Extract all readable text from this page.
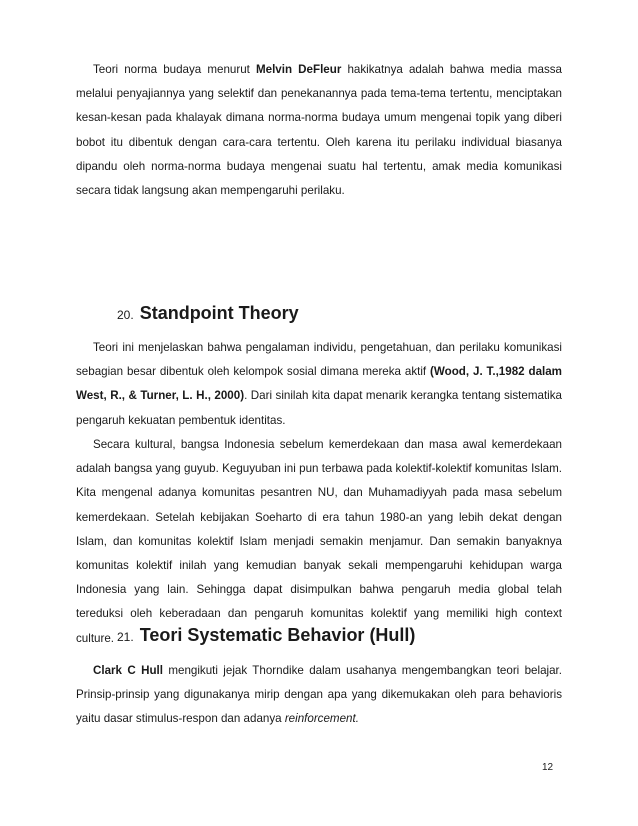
Teori norma budaya menurut Melvin DeFleur hakikatnya adalah bahwa media massa melalui penyajiannya yang selektif dan penekanannya pada tema-tema tertentu, menciptakan kesan-kesan pada khalayak dimana norma-norma budaya umum mengenai topik yang diberi bobot itu dibentuk dengan cara-cara tertentu. Oleh karena itu perilaku individual biasanya dipandu oleh norma-norma budaya mengenai suatu hal tertentu, amak media komunikasi secara tidak langsung akan mempengaruhi perilaku.

20. Standpoint Theory

Teori ini menjelaskan bahwa pengalaman individu, pengetahuan, dan perilaku komunikasi sebagian besar dibentuk oleh kelompok sosial dimana mereka aktif (Wood, J. T.,1982 dalam West, R., & Turner, L. H., 2000). Dari sinilah kita dapat menarik kerangka tentang sistematika pengaruh kekuatan pembentuk identitas.

Secara kultural, bangsa Indonesia sebelum kemerdekaan dan masa awal kemerdekaan adalah bangsa yang guyub. Keguyuban ini pun terbawa pada kolektif-kolektif komunitas Islam. Kita mengenal adanya komunitas pesantren NU, dan Muhamadiyyah pada masa sebelum kemerdekaan. Setelah kebijakan Soeharto di era tahun 1980-an yang lebih dekat dengan Islam, dan komunitas kolektif Islam menjadi semakin menjamur. Dan semakin banyaknya komunitas kolektif inilah yang kemudian banyak sekali mempengaruhi kehidupan warga Indonesia yang lain. Sehingga dapat disimpulkan bahwa pengaruh media global telah tereduksi oleh keberadaan dan pengaruh komunitas kolektif yang memiliki high context culture. 21. Teori Systematic Behavior (Hull)

Clark C Hull mengikuti jejak Thorndike dalam usahanya mengembangkan teori belajar. Prinsip-prinsip yang digunakanya mirip dengan apa yang dikemukakan oleh para behavioris yaitu dasar stimulus-respon dan adanya reinforcement.

12
